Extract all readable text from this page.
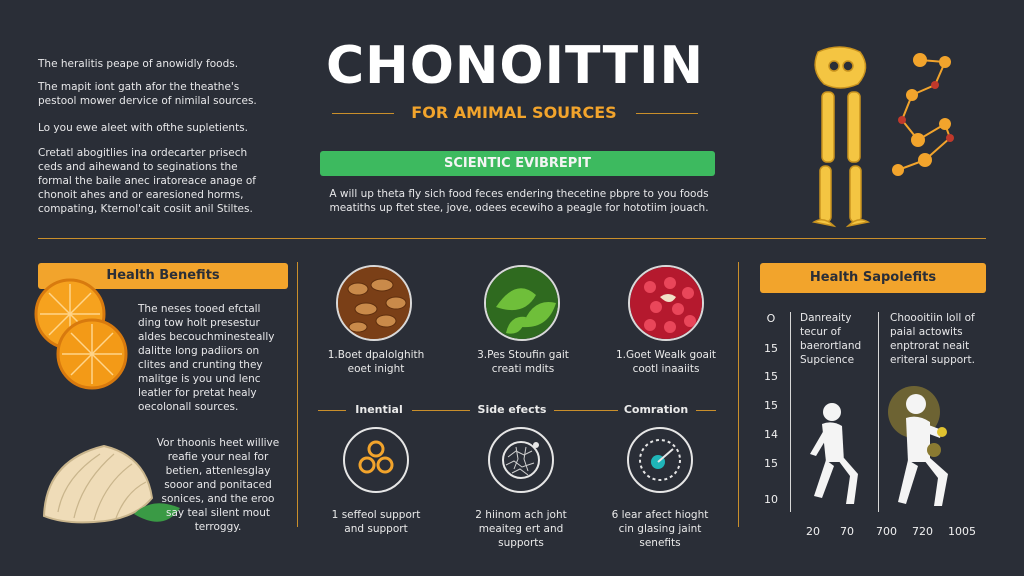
The heralitis peape of anowidly foods.
The mapit iont gath afor the theathe's pestool mower dervice of nimilal sources.
Lo you ewe aleet with ofthe supletients.
Cretatl abogitlies ina ordecarter prisech ceds and aihewand to seginations the formal the baile anec iratoreace anage of chonoit ahes and or earesioned horms, compating, Kternol'cait cosiit anil Stiltes.
CHONOITTIN
FOR AMIMAL SOURCES
SCIENTIC EVIBREPIT
A will up theta fly sich food feces endering thecetine pbpre to you foods meatiths up ftet stee, jove, odees ecewiho a peagle for hototiim jouach.
Health Benefits
The neses tooed efctall ding tow holt presestur aldes becouchminesteally dalitte long padiiors on clites and crunting they malitge is you und lenc leatler for pretat healy oecolonall sources.
Vor thoonis heet willive reafie your neal for betien, attenlesglay sooor and ponitaced sonices, and the eroo say teal silent mout terroggy.
1.Boet dpalolghith eoet inight
3.Pes Stoufin gait creati mdits
1.Goet Wealk goait cootl inaaiits
Inential	Side efects	Comration
1 seffeol support and support
2 hiinom ach joht meaiteg ert and supports
6 lear afect hioght cin glasing jaint senefits
Health Sapolefits
Danreaity tecur of baerortland Supcience
Choooitiin loll of paial actowits enptrorat neait eriteral support.
O
15
15
15
14
15
10
20 70 700 720 1005
